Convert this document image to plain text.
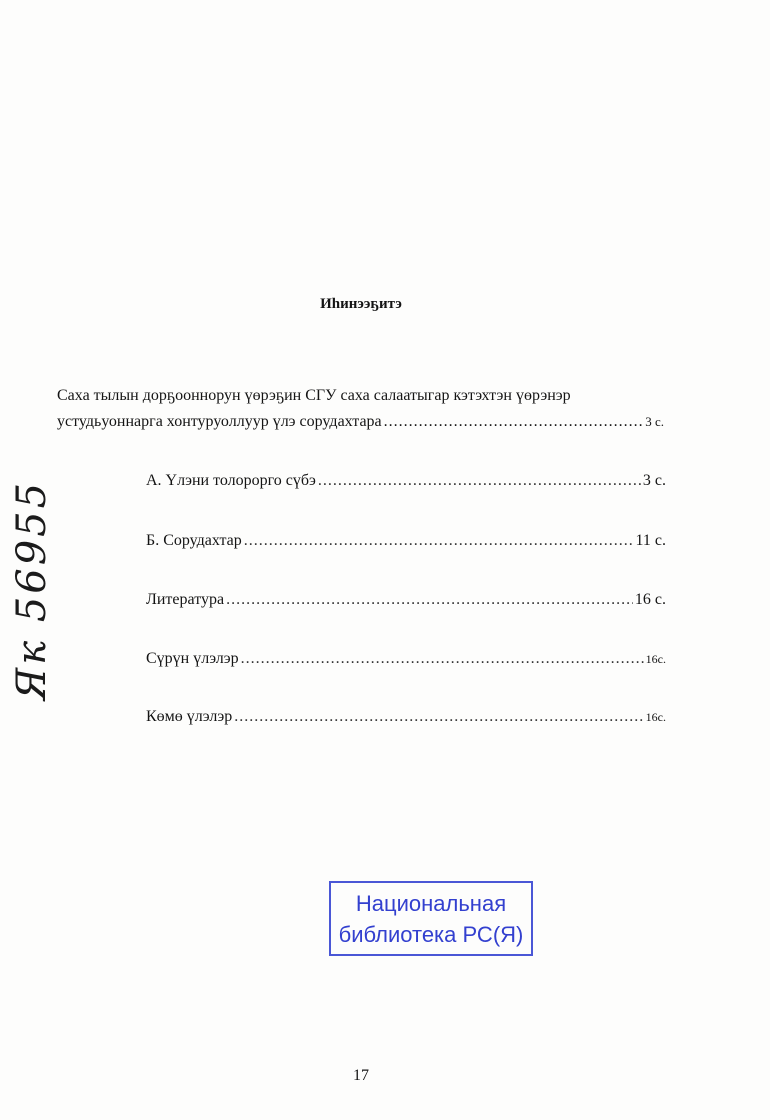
Иһинээҕитэ
Саха тылын дорҕооннорун үөрэҕин СГУ саха салаатыгар кэтэхтэн үөрэнэр
устудьуоннарга хонтуруоллуур үлэ сорудахтара .....	3 с.
А. Үлэни толорорго сүбэ .....	3 с.
Б. Сорудахтар .....	11 с.
Литература .....	16 с.
Сүрүн үлэлэр .....	16с.
Көмө үлэлэр .....	16с.
Национальная
библиотека РС(Я)
Як 56955
17
